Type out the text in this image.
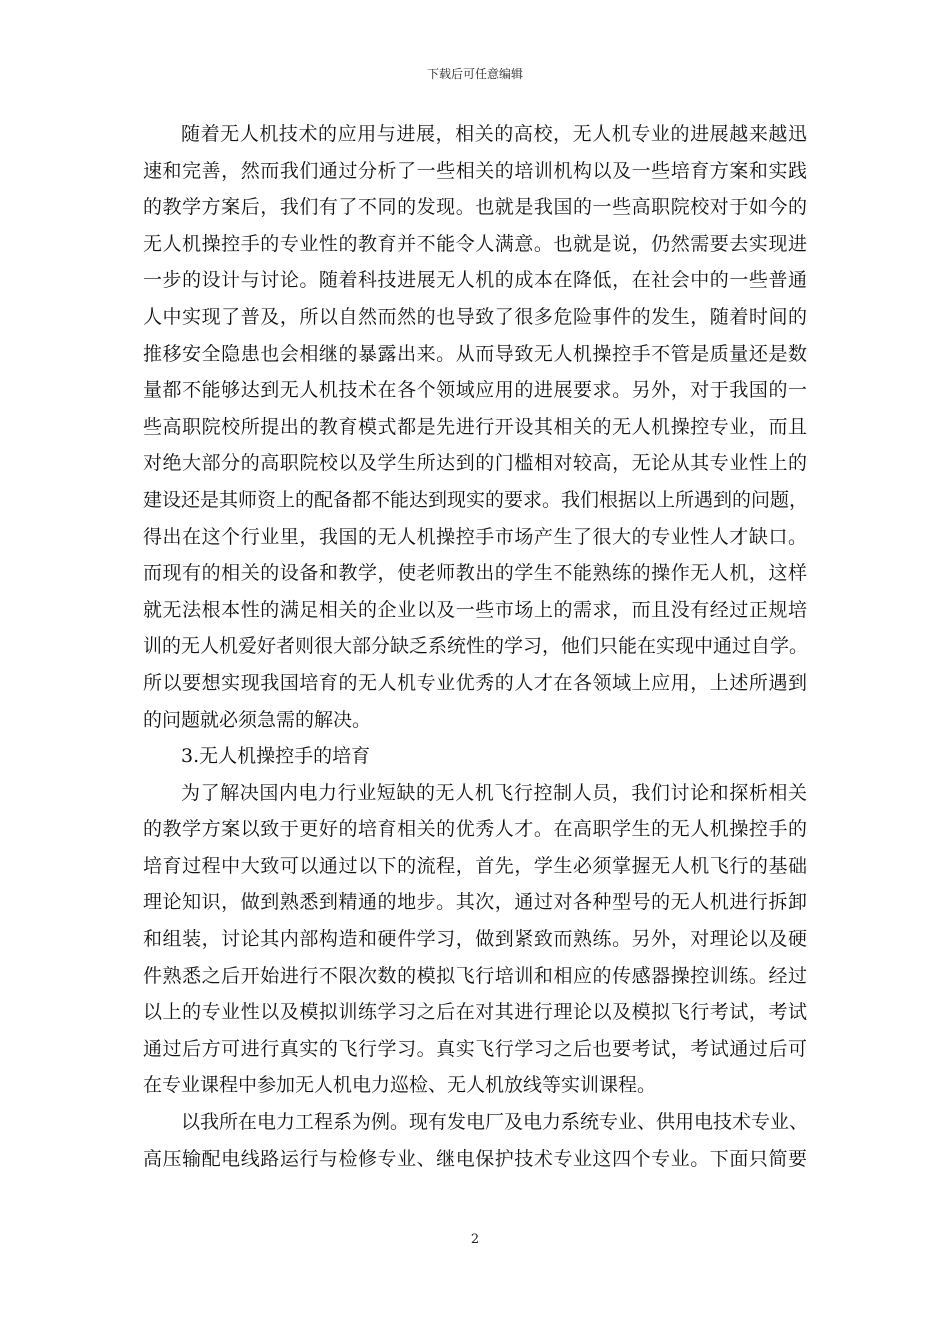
下载后可任意编辑
随着无人机技术的应用与进展，相关的高校，无人机专业的进展越来越迅
速和完善，然而我们通过分析了一些相关的培训机构以及一些培育方案和实践
的教学方案后，我们有了不同的发现。也就是我国的一些高职院校对于如今的
无人机操控手的专业性的教育并不能令人满意。也就是说，仍然需要去实现进
一步的设计与讨论。随着科技进展无人机的成本在降低，在社会中的一些普通
人中实现了普及，所以自然而然的也导致了很多危险事件的发生，随着时间的
推移安全隐患也会相继的暴露出来。从而导致无人机操控手不管是质量还是数
量都不能够达到无人机技术在各个领域应用的进展要求。另外，对于我国的一
些高职院校所提出的教育模式都是先进行开设其相关的无人机操控专业，而且
对绝大部分的高职院校以及学生所达到的门槛相对较高，无论从其专业性上的
建设还是其师资上的配备都不能达到现实的要求。我们根据以上所遇到的问题，
得出在这个行业里，我国的无人机操控手市场产生了很大的专业性人才缺口。
而现有的相关的设备和教学，使老师教出的学生不能熟练的操作无人机，这样
就无法根本性的满足相关的企业以及一些市场上的需求，而且没有经过正规培
训的无人机爱好者则很大部分缺乏系统性的学习，他们只能在实现中通过自学。
所以要想实现我国培育的无人机专业优秀的人才在各领域上应用，上述所遇到
的问题就必须急需的解决。
3.无人机操控手的培育
为了解决国内电力行业短缺的无人机飞行控制人员，我们讨论和探析相关
的教学方案以致于更好的培育相关的优秀人才。在高职学生的无人机操控手的
培育过程中大致可以通过以下的流程，首先，学生必须掌握无人机飞行的基础
理论知识，做到熟悉到精通的地步。其次，通过对各种型号的无人机进行拆卸
和组装，讨论其内部构造和硬件学习，做到紧致而熟练。另外，对理论以及硬
件熟悉之后开始进行不限次数的模拟飞行培训和相应的传感器操控训练。经过
以上的专业性以及模拟训练学习之后在对其进行理论以及模拟飞行考试，考试
通过后方可进行真实的飞行学习。真实飞行学习之后也要考试，考试通过后可
在专业课程中参加无人机电力巡检、无人机放线等实训课程。
以我所在电力工程系为例。现有发电厂及电力系统专业、供用电技术专业、
高压输配电线路运行与检修专业、继电保护技术专业这四个专业。下面只简要
2
